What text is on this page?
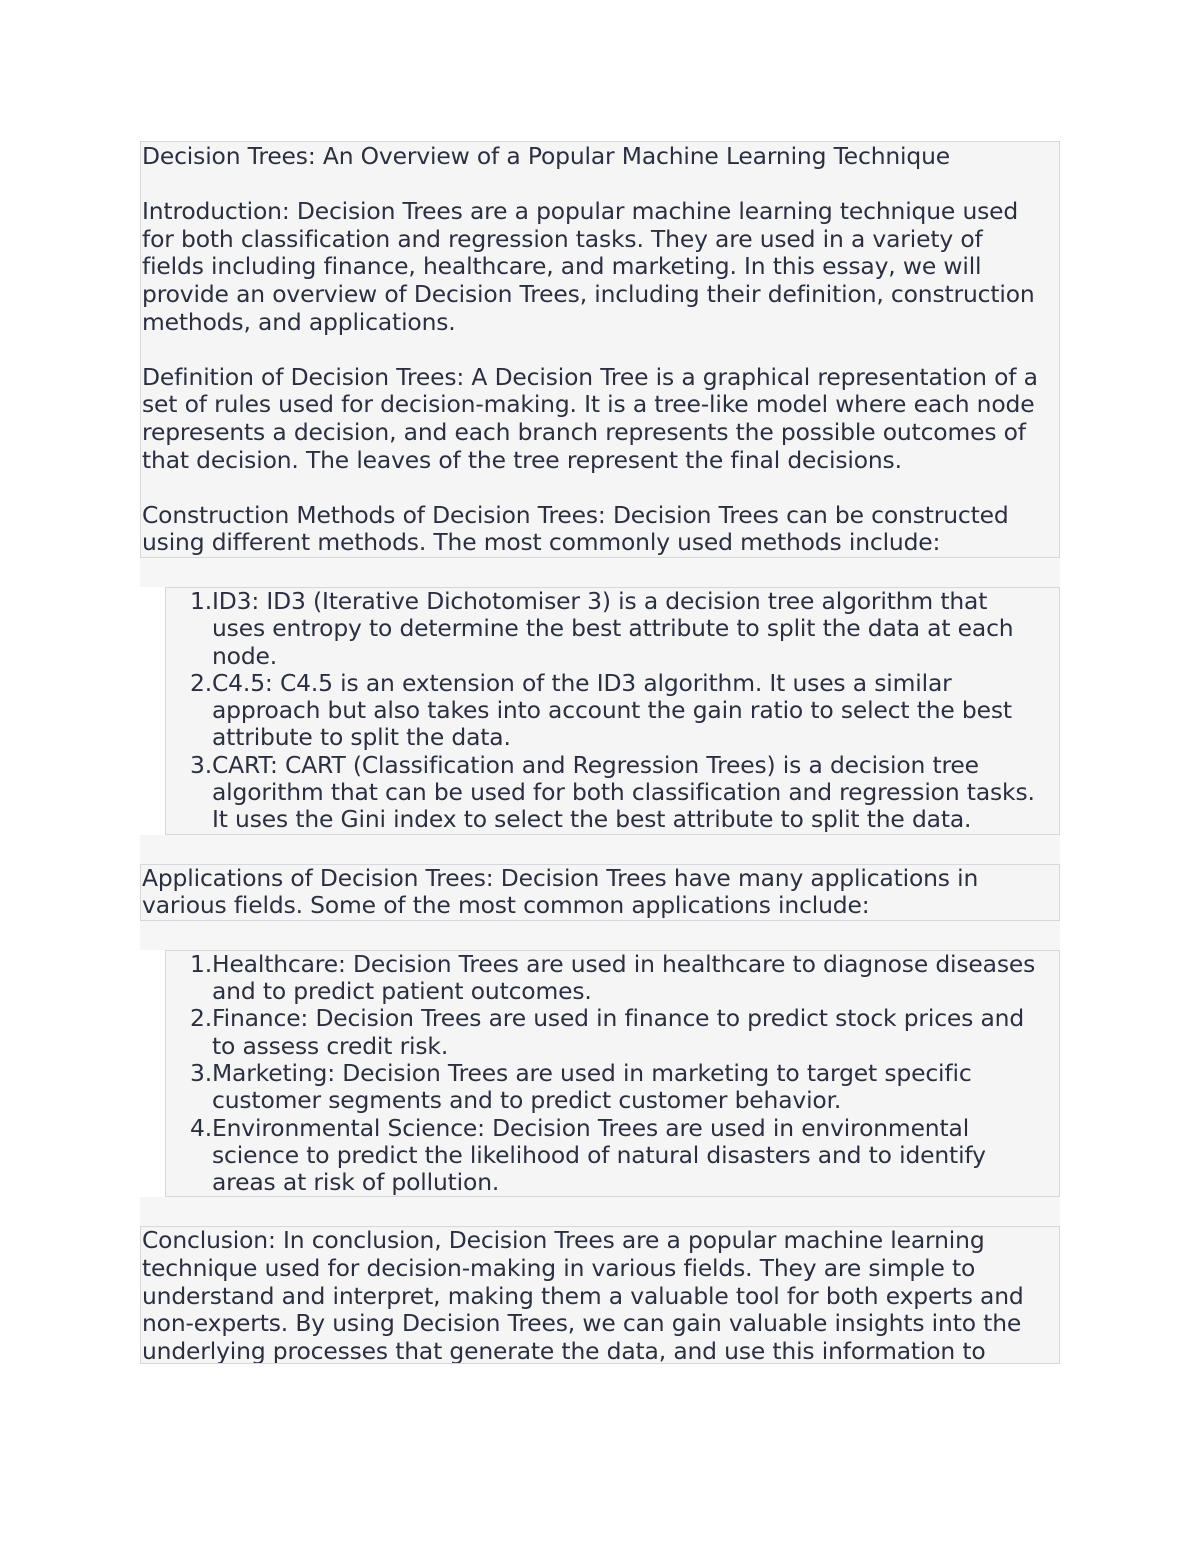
Decision Trees: An Overview of a Popular Machine Learning Technique

Introduction: Decision Trees are a popular machine learning technique used

for both classification and regression tasks. They are used in a variety of

fields including finance, healthcare, and marketing. In this essay, we will

provide an overview of Decision Trees, including their definition, construction

methods, and applications.

Definition of Decision Trees: A Decision Tree is a graphical representation of a

set of rules used for decision-making. It is a tree-like model where each node

represents a decision, and each branch represents the possible outcomes of

that decision. The leaves of the tree represent the final decisions.

Construction Methods of Decision Trees: Decision Trees can be constructed

using different methods. The most commonly used methods include:

1. ID3: ID3 (Iterative Dichotomiser 3) is a decision tree algorithm that
uses entropy to determine the best attribute to split the data at each
node.
2. C4.5: C4.5 is an extension of the ID3 algorithm. It uses a similar
approach but also takes into account the gain ratio to select the best
attribute to split the data.
3. CART: CART (Classification and Regression Trees) is a decision tree
algorithm that can be used for both classification and regression tasks.
It uses the Gini index to select the best attribute to split the data.

Applications of Decision Trees: Decision Trees have many applications in

various fields. Some of the most common applications include:

1. Healthcare: Decision Trees are used in healthcare to diagnose diseases
and to predict patient outcomes.
2. Finance: Decision Trees are used in finance to predict stock prices and
to assess credit risk.
3. Marketing: Decision Trees are used in marketing to target specific
customer segments and to predict customer behavior.
4. Environmental Science: Decision Trees are used in environmental
science to predict the likelihood of natural disasters and to identify
areas at risk of pollution.

Conclusion: In conclusion, Decision Trees are a popular machine learning

technique used for decision-making in various fields. They are simple to

understand and interpret, making them a valuable tool for both experts and

non-experts. By using Decision Trees, we can gain valuable insights into the

underlying processes that generate the data, and use this information to
